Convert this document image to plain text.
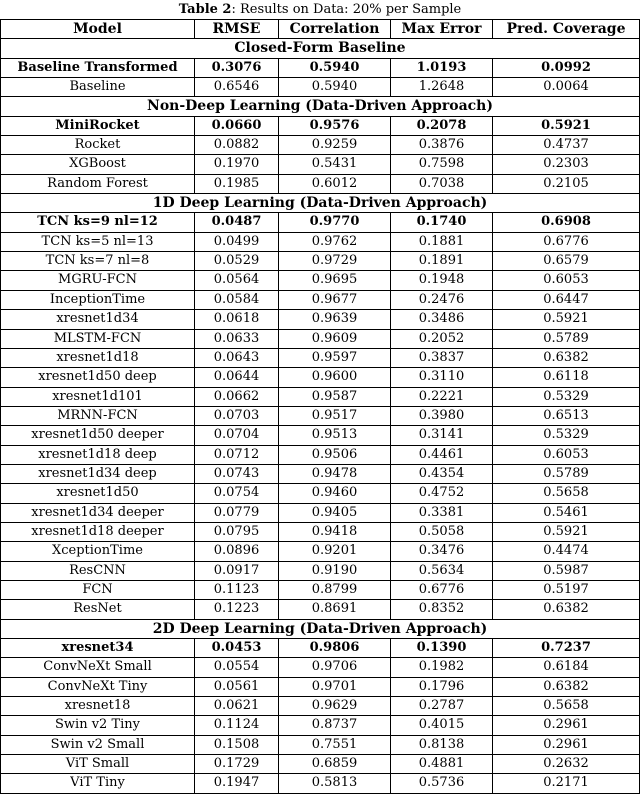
Table 2: Results on Data: 20% per Sample
Model	RMSE	Correlation	Max Error	Pred. Coverage
Closed-Form Baseline				
Baseline Transformed	0.3076	0.5940	1.0193	0.0992
Baseline	0.6546	0.5940	1.2648	0.0064
Non-Deep Learning (Data-Driven Approach)				
MiniRocket	0.0660	0.9576	0.2078	0.5921
Rocket	0.0882	0.9259	0.3876	0.4737
XGBoost	0.1970	0.5431	0.7598	0.2303
Random Forest	0.1985	0.6012	0.7038	0.2105
1D Deep Learning (Data-Driven Approach)				
TCN ks=9 nl=12	0.0487	0.9770	0.1740	0.6908
TCN ks=5 nl=13	0.0499	0.9762	0.1881	0.6776
TCN ks=7 nl=8	0.0529	0.9729	0.1891	0.6579
MGRU-FCN	0.0564	0.9695	0.1948	0.6053
InceptionTime	0.0584	0.9677	0.2476	0.6447
xresnet1d34	0.0618	0.9639	0.3486	0.5921
MLSTM-FCN	0.0633	0.9609	0.2052	0.5789
xresnet1d18	0.0643	0.9597	0.3837	0.6382
xresnet1d50 deep	0.0644	0.9600	0.3110	0.6118
xresnet1d101	0.0662	0.9587	0.2221	0.5329
MRNN-FCN	0.0703	0.9517	0.3980	0.6513
xresnet1d50 deeper	0.0704	0.9513	0.3141	0.5329
xresnet1d18 deep	0.0712	0.9506	0.4461	0.6053
xresnet1d34 deep	0.0743	0.9478	0.4354	0.5789
xresnet1d50	0.0754	0.9460	0.4752	0.5658
xresnet1d34 deeper	0.0779	0.9405	0.3381	0.5461
xresnet1d18 deeper	0.0795	0.9418	0.5058	0.5921
XceptionTime	0.0896	0.9201	0.3476	0.4474
ResCNN	0.0917	0.9190	0.5634	0.5987
FCN	0.1123	0.8799	0.6776	0.5197
ResNet	0.1223	0.8691	0.8352	0.6382
2D Deep Learning (Data-Driven Approach)				
xresnet34	0.0453	0.9806	0.1390	0.7237
ConvNeXt Small	0.0554	0.9706	0.1982	0.6184
ConvNeXt Tiny	0.0561	0.9701	0.1796	0.6382
xresnet18	0.0621	0.9629	0.2787	0.5658
Swin v2 Tiny	0.1124	0.8737	0.4015	0.2961
Swin v2 Small	0.1508	0.7551	0.8138	0.2961
ViT Small	0.1729	0.6859	0.4881	0.2632
ViT Tiny	0.1947	0.5813	0.5736	0.2171
